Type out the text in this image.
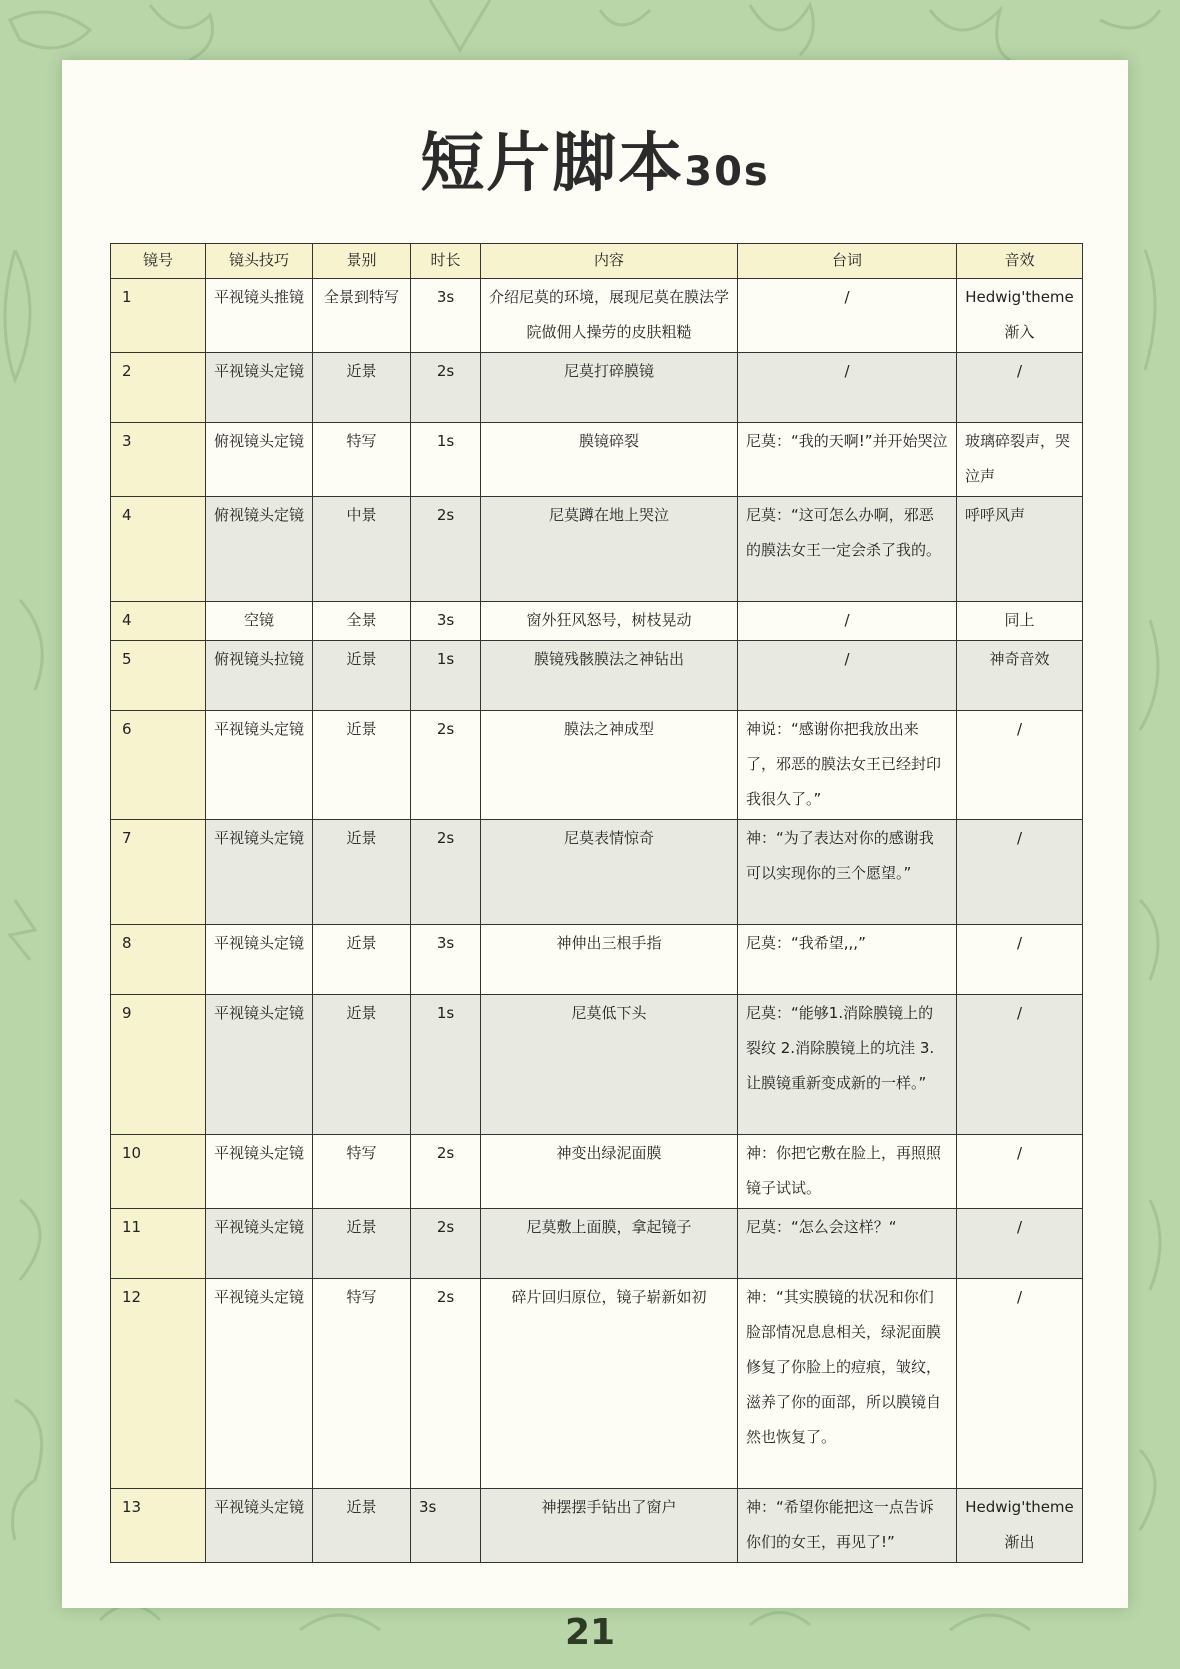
短片脚本30s
镜号	镜头技巧	景别	时长	内容	台词	音效
1	平视镜头推镜	全景到特写	3s	介绍尼莫的环境，展现尼莫在膜法学院做佣人操劳的皮肤粗糙	/	Hedwig'theme渐入
2	平视镜头定镜	近景	2s	尼莫打碎膜镜	/	/
3	俯视镜头定镜	特写	1s	膜镜碎裂	尼莫：“我的天啊!”并开始哭泣	玻璃碎裂声，哭泣声
4	俯视镜头定镜	中景	2s	尼莫蹲在地上哭泣	尼莫：“这可怎么办啊，邪恶的膜法女王一定会杀了我的。	呼呼风声
4	空镜	全景	3s	窗外狂风怒号，树枝晃动	/	同上
5	俯视镜头拉镜	近景	1s	膜镜残骸膜法之神钻出	/	神奇音效
6	平视镜头定镜	近景	2s	膜法之神成型	神说：“感谢你把我放出来了，邪恶的膜法女王已经封印我很久了。”	/
7	平视镜头定镜	近景	2s	尼莫表情惊奇	神：“为了表达对你的感谢我可以实现你的三个愿望。”	/
8	平视镜头定镜	近景	3s	神伸出三根手指	尼莫：“我希望,,,”	/
9	平视镜头定镜	近景	1s	尼莫低下头	尼莫：“能够1.消除膜镜上的裂纹 2.消除膜镜上的坑洼 3.让膜镜重新变成新的一样。”	/
10	平视镜头定镜	特写	2s	神变出绿泥面膜	神：你把它敷在脸上，再照照镜子试试。	/
11	平视镜头定镜	近景	2s	尼莫敷上面膜，拿起镜子	尼莫：“怎么会这样？“	/
12	平视镜头定镜	特写	2s	碎片回归原位，镜子崭新如初	神：“其实膜镜的状况和你们脸部情况息息相关，绿泥面膜修复了你脸上的痘痕，皱纹，滋养了你的面部，所以膜镜自然也恢复了。	/
13	平视镜头定镜	近景	3s	神摆摆手钻出了窗户	神：“希望你能把这一点告诉你们的女王，再见了!”	Hedwig'theme渐出
21
